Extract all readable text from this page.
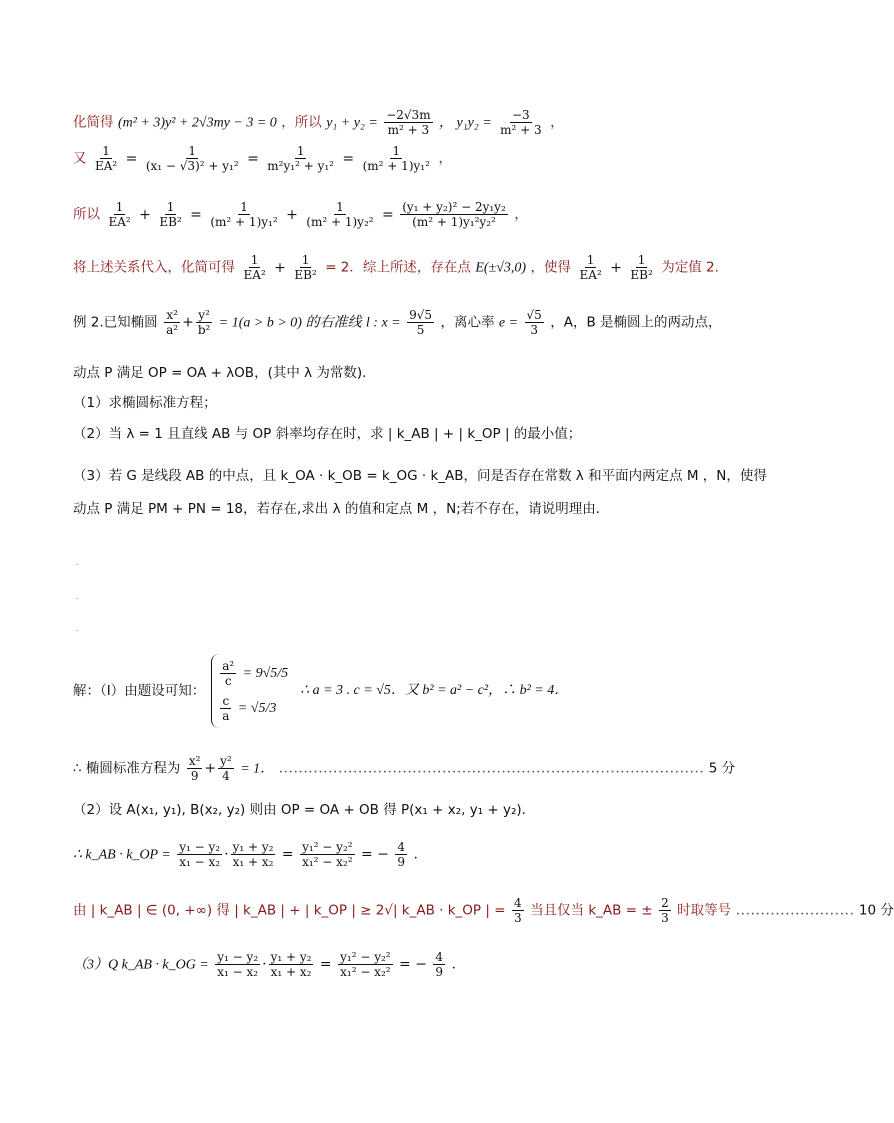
化简得 (m² + 3)y² + 2√3my − 3 = 0 ，所以 $y_1 + y_2 = \frac{-2√3m}{\text{m² + 3}}$ ， $y_1y_2 = \frac{-3}{\text{m² + 3}}$ ，
又 $\frac{1}{\text{EA²}} = \frac{1}{\text{(x₁ − √3)² + y₁²}} = \frac{1}{\text{m²y₁² + y₁²}} = \frac{1}{\text{(m² + 1)y₁²}}$ ，
所以 $\frac{1}{\text{EA²}} + \frac{1}{\text{EB²}} = \frac{1}{\text{(m² + 1)y₁²}} + \frac{1}{\text{(m² + 1)y₂²}} = \frac{\text{(y₁ + y₂)² − 2y₁y₂}}{\text{(m² + 1)y₁²y₂²}}$ ，
将上述关系代入，化简可得 $\frac{1}{\text{EA²}} + \frac{1}{\text{EB²}} = 2$．综上所述，存在点 E(±√3,0) ，使得 $\frac{1}{\text{EA²}} + \frac{1}{\text{EB²}}$ 为定值 2.
例 2.已知椭圆 $\frac{\text{x²}}{\text{a²}} + \frac{\text{y²}}{\text{b²}} = 1(a > b > 0)$ 的右准线 l : $x = \frac{9√5}{5}$ ，离心率 $e = \frac{√5}{3}$ ，A，B 是椭圆上的两动点，
动点 P 满足 OP = OA + λOB，(其中 λ 为常数).
（1）求椭圆标准方程；
（2）当 λ = 1 且直线 AB 与 OP 斜率均存在时，求 | k_AB | + | k_OP | 的最小值；
（3）若 G 是线段 AB 的中点，且 k_OA · k_OB = k_OG · k_AB，问是否存在常数 λ 和平面内两定点 M ，N，使得
动点 P 满足 PM + PN = 18，若存在,求出 λ 的值和定点 M ，N;若不存在，请说明理由．
.
.
.
解：（I）由题设可知：
$\frac{\text{a²}}{c} = 9√5/5$
$\frac{c}{a} = √5/3$
∴ a = 3 . c = √5．又 b² = a² − c²，∴ b² = 4．
∴ 椭圆标准方程为 $\frac{\text{x²}}{9} + \frac{\text{y²}}{4} = 1$． ...................................................................................... 5 分
（2）设 A(x₁, y₁), B(x₂, y₂) 则由 OP = OA + OB 得 P(x₁ + x₂, y₁ + y₂)．
∴ k_AB · k_OP = $\frac{\text{y₁ − y₂}}{\text{x₁ − x₂}} \cdot \frac{\text{y₁ + y₂}}{\text{x₁ + x₂}} = \frac{\text{y₁² − y₂²}}{\text{x₁² − x₂²}}$ = − $\frac{4}{9}$ .
由 | k_AB | ∈ (0, +∞) 得 | k_AB | + | k_OP | ≥ 2√| k_AB · k_OP | = $\frac{4}{3}$ 当且仅当 k_AB = ± $\frac{2}{3}$ 时取等号 ........................ 10 分
（3）Q k_AB · k_OG = $\frac{\text{y₁ − y₂}}{\text{x₁ − x₂}} \cdot \frac{\text{y₁ + y₂}}{\text{x₁ + x₂}} = \frac{\text{y₁² − y₂²}}{\text{x₁² − x₂²}}$ = − $\frac{4}{9}$ .
